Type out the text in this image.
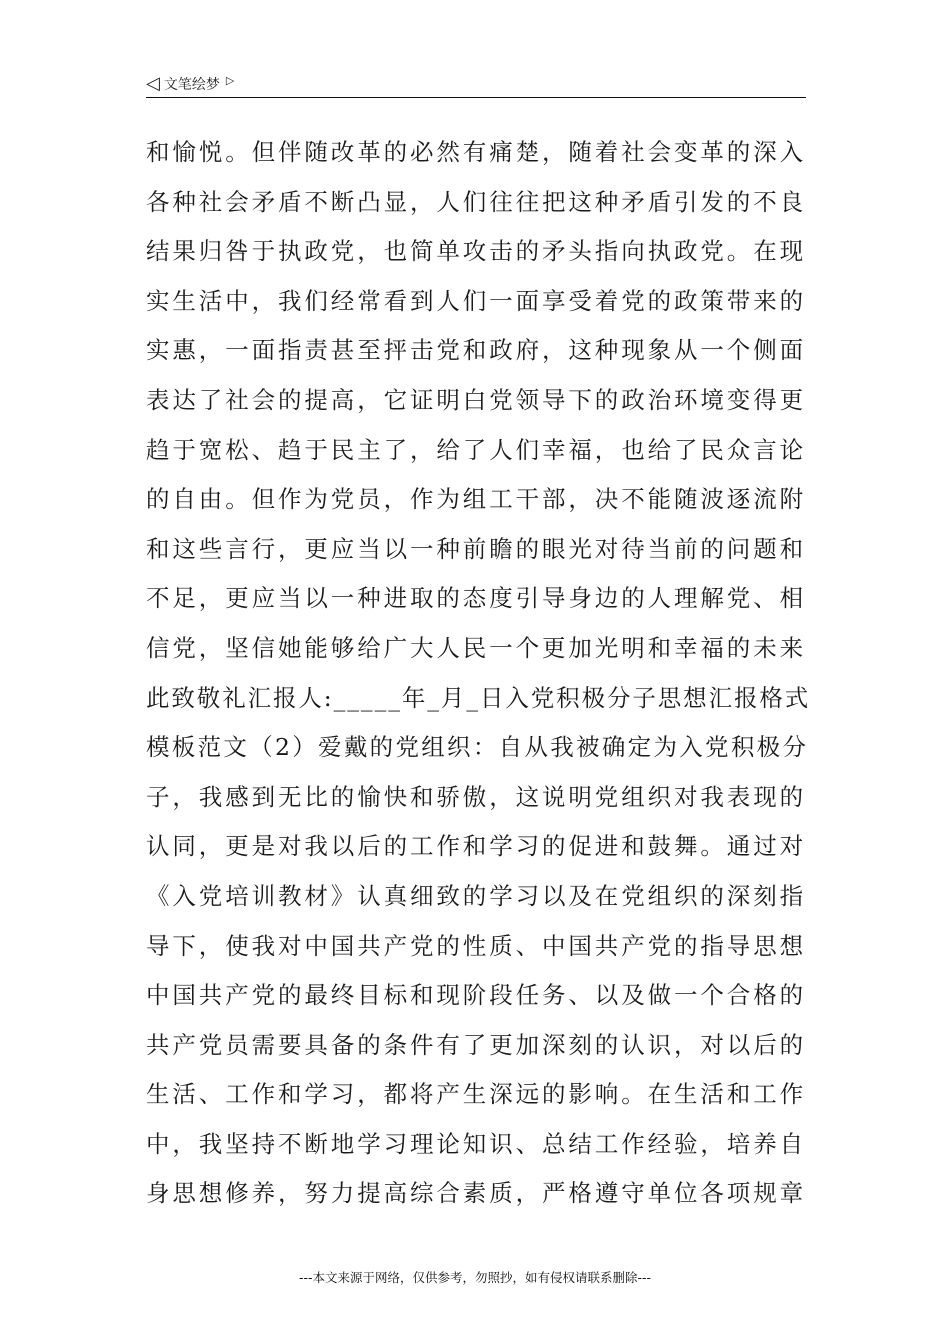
◁ 文笔绘梦 ▷
和愉悦。但伴随改革的必然有痛楚，随着社会变革的深入
各种社会矛盾不断凸显，人们往往把这种矛盾引发的不良
结果归咎于执政党，也简单攻击的矛头指向执政党。在现
实生活中，我们经常看到人们一面享受着党的政策带来的
实惠，一面指责甚至抨击党和政府，这种现象从一个侧面
表达了社会的提高，它证明白党领导下的政治环境变得更
趋于宽松、趋于民主了，给了人们幸福，也给了民众言论
的自由。但作为党员，作为组工干部，决不能随波逐流附
和这些言行，更应当以一种前瞻的眼光对待当前的问题和
不足，更应当以一种进取的态度引导身边的人理解党、相
信党，坚信她能够给广大人民一个更加光明和幸福的未来
此致敬礼汇报人:_____年_月_日入党积极分子思想汇报格式
模板范文（2）爱戴的党组织：自从我被确定为入党积极分
子，我感到无比的愉快和骄傲，这说明党组织对我表现的
认同，更是对我以后的工作和学习的促进和鼓舞。通过对
《入党培训教材》认真细致的学习以及在党组织的深刻指
导下，使我对中国共产党的性质、中国共产党的指导思想
中国共产党的最终目标和现阶段任务、以及做一个合格的
共产党员需要具备的条件有了更加深刻的认识，对以后的
生活、工作和学习，都将产生深远的影响。在生活和工作
中，我坚持不断地学习理论知识、总结工作经验，培养自
身思想修养，努力提高综合素质，严格遵守单位各项规章
---本文来源于网络，仅供参考，勿照抄，如有侵权请联系删除---
